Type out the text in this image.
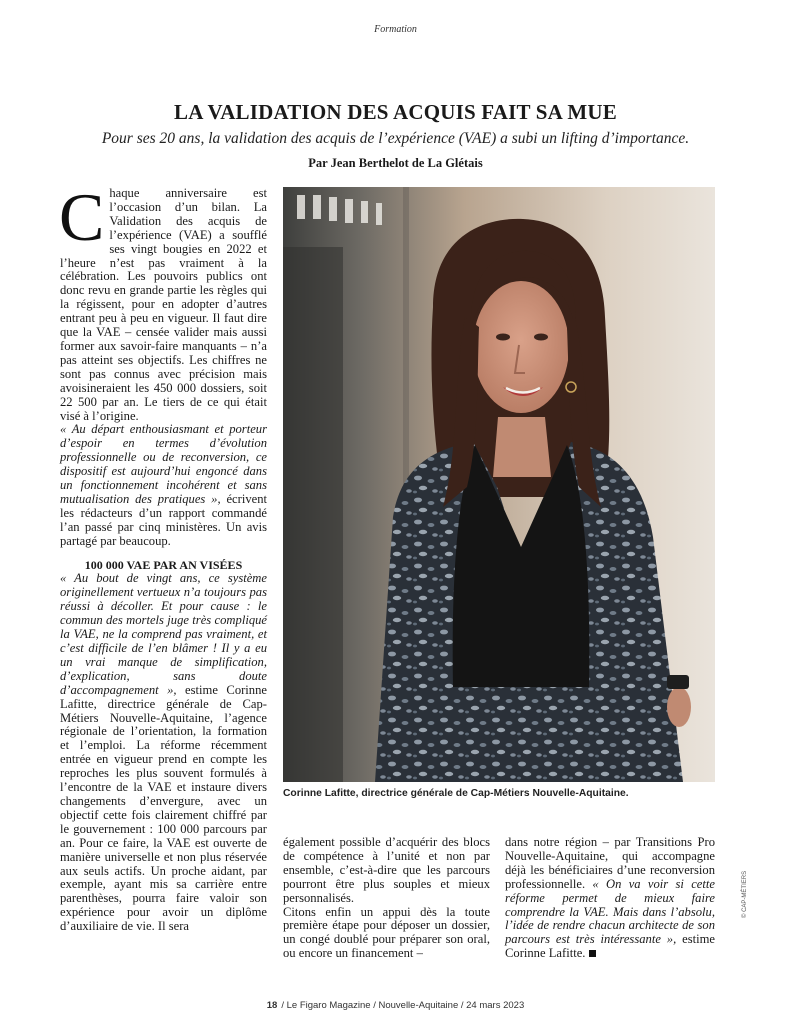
Formation
LA VALIDATION DES ACQUIS FAIT SA MUE
Pour ses 20 ans, la validation des acquis de l’expérience (VAE) a subi un lifting d’importance.
Par Jean Berthelot de La Glétais

Chaque anniversaire est l’occasion d’un bilan. La Validation des acquis de l’expérience (VAE) a soufflé ses vingt bougies en 2022 et l’heure n’est pas vraiment à la célébration. Les pouvoirs publics ont donc revu en grande partie les règles qui la régissent, pour en adopter d’autres entrant peu à peu en vigueur. Il faut dire que la VAE – censée valider mais aussi former aux savoir-faire manquants – n’a pas atteint ses objectifs. Les chiffres ne sont pas connus avec précision mais avoisineraient les 450 000 dossiers, soit 22 500 par an. Le tiers de ce qui était visé à l’origine.

« Au départ enthousiasmant et porteur d’espoir en termes d’évolution professionnelle ou de reconversion, ce dispositif est aujourd’hui engoncé dans un fonctionnement incohérent et sans mutualisation des pratiques », écrivent les rédacteurs d’un rapport commandé l’an passé par cinq ministères. Un avis partagé par beaucoup.

100 000 VAE PAR AN VISÉES

« Au bout de vingt ans, ce système originellement vertueux n’a toujours pas réussi à décoller. Et pour cause : le commun des mortels juge très compliqué la VAE, ne la comprend pas vraiment, et c’est difficile de l’en blâmer ! Il y a eu un vrai manque de simplification, d’explication, sans doute d’accompagnement », estime Corinne Lafitte, directrice générale de Cap-Métiers Nouvelle-Aquitaine, l’agence régionale de l’orientation, la formation et l’emploi. La réforme récemment entrée en vigueur prend en compte les reproches les plus souvent formulés à l’encontre de la VAE et instaure divers changements d’envergure, avec un objectif cette fois clairement chiffré par le gouvernement : 100 000 parcours par an. Pour ce faire, la VAE est ouverte de manière universelle et non plus réservée aux seuls actifs. Un proche aidant, par exemple, ayant mis sa carrière entre parenthèses, pourra faire valoir son expérience pour avoir un diplôme d’auxiliaire de vie. Il sera

Corinne Lafitte, directrice générale de Cap-Métiers Nouvelle-Aquitaine.

également possible d’acquérir des blocs de compétence à l’unité et non par ensemble, c’est-à-dire que les parcours pourront être plus souples et mieux personnalisés.

Citons enfin un appui dès la toute première étape pour déposer un dossier, un congé doublé pour préparer son oral, ou encore un financement –

dans notre région – par Transitions Pro Nouvelle-Aquitaine, qui accompagne déjà les bénéficiaires d’une reconversion professionnelle. « On va voir si cette réforme permet de mieux faire comprendre la VAE. Mais dans l’absolu, l’idée de rendre chacun architecte de son parcours est très intéressante », estime Corinne Lafitte.

© CAP-MÉTIERS
18 / Le Figaro Magazine / Nouvelle-Aquitaine / 24 mars 2023
